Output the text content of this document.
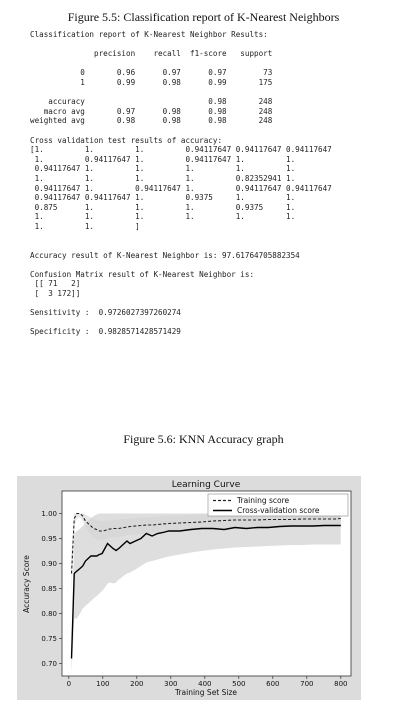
Figure 5.5: Classification report of K-Nearest Neighbors
Classification report of K-Nearest Neighbor Results:

precision    recall  f1-score   support

0       0.96      0.97      0.97        73
1       0.99      0.98      0.99       175

accuracy                           0.98       248
macro avg       0.97      0.98      0.98       248
weighted avg       0.98      0.98      0.98       248

Cross validation test results of accuracy:
[1.         1.         1.         0.94117647 0.94117647 0.94117647
1.         0.94117647 1.         0.94117647 1.         1.
0.94117647 1.         1.         1.         1.         1.
1.         1.         1.         1.         0.82352941 1.
0.94117647 1.         0.94117647 1.         0.94117647 0.94117647
0.94117647 0.94117647 1.         0.9375     1.         1.
0.875      1.         1.         1.         0.9375     1.
1.         1.         1.         1.         1.         1.
1.         1.         ]

Accuracy result of K-Nearest Neighbor is: 97.61764705882354

Confusion Matrix result of K-Nearest Neighbor is:
[[ 71   2]
[  3 172]]

Sensitivity :  0.9726027397260274

Specificity :  0.9828571428571429
Figure 5.6: KNN Accuracy graph
0	100	200	300	400	500	600	700	800
0.70
0.75
0.80
0.85
0.90
0.95
1.00
Learning Curve
Training Set Size
Accuracy Score
Training score
Cross-validation score
